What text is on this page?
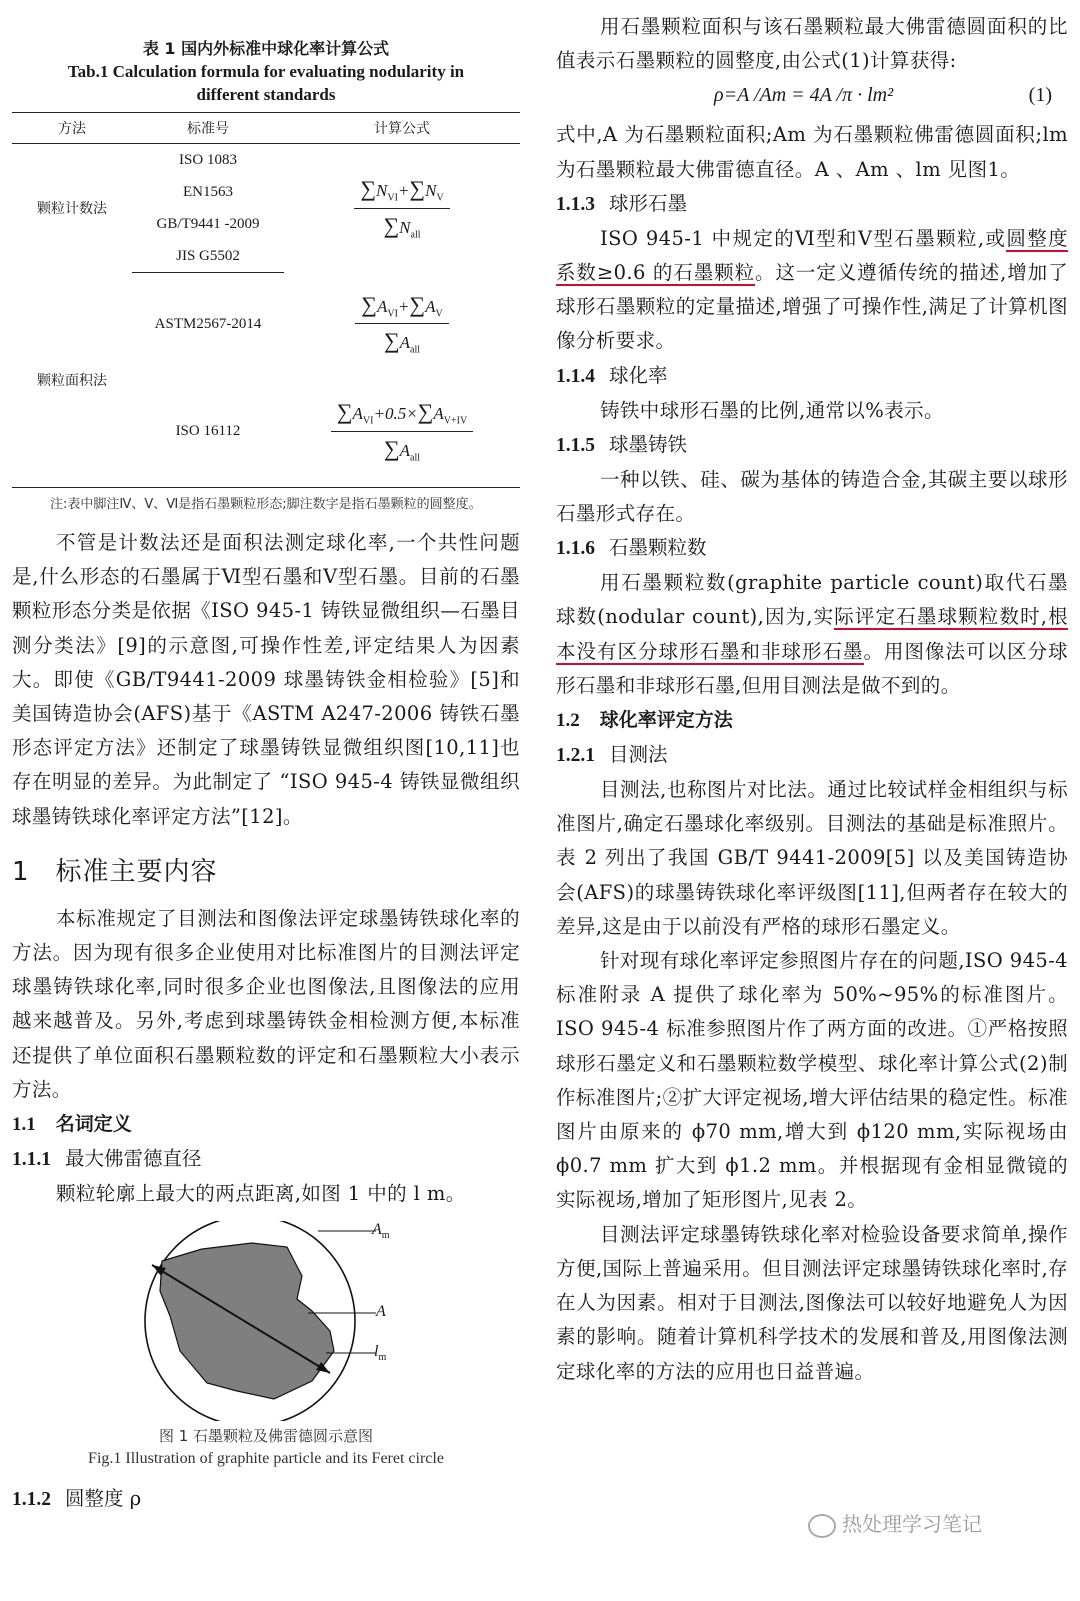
表 1 国内外标准中球化率计算公式
Tab.1 Calculation formula for evaluating nodularity in different standards
方法	标准号	计算公式
颗粒计数法	ISO 1083	$\frac{\sum N_{VI}+\sum N_V}{\sum N_{all}}$

	EN1563	
	GB/T9441 -2009	
	JIS G5502	
颗粒面积法	ASTM2567-2014	$\frac{\sum A_{VI}+\sum A_V}{\sum A_{all}}$

	ISO 16112	$\frac{\sum A_{VI}+0.5\times\sum A_{V+IV}}{\sum A_{all}}$
注:表中脚注Ⅳ、Ⅴ、Ⅵ是指石墨颗粒形态;脚注数字是指石墨颗粒的圆整度。

不管是计数法还是面积法测定球化率,一个共性问题是,什么形态的石墨属于Ⅵ型石墨和Ⅴ型石墨。目前的石墨颗粒形态分类是依据《ISO 945-1 铸铁显微组织—石墨目测分类法》[9]的示意图,可操作性差,评定结果人为因素大。即使《GB/T9441-2009 球墨铸铁金相检验》[5]和美国铸造协会(AFS)基于《ASTM A247-2006 铸铁石墨形态评定方法》还制定了球墨铸铁显微组织图[10,11]也存在明显的差异。为此制定了 “ISO 945-4 铸铁显微组织 球墨铸铁球化率评定方法”[12]。

1 标准主要内容

本标准规定了目测法和图像法评定球墨铸铁球化率的方法。因为现有很多企业使用对比标准图片的目测法评定球墨铸铁球化率,同时很多企业也图像法,且图像法的应用越来越普及。另外,考虑到球墨铸铁金相检测方便,本标准还提供了单位面积石墨颗粒数的评定和石墨颗粒大小表示方法。

1.1 名词定义
1.1.1 最大佛雷德直径

颗粒轮廓上最大的两点距离,如图 1 中的 l m。

$A_m$
A
$l_m$
图 1 石墨颗粒及佛雷德圆示意图
Fig.1 Illustration of graphite particle and its Feret circle
1.1.2 圆整度 ρ

用石墨颗粒面积与该石墨颗粒最大佛雷德圆面积的比值表示石墨颗粒的圆整度,由公式(1)计算获得:

ρ=A /Am = 4A /π · lm²	(1)

式中,A 为石墨颗粒面积;Am 为石墨颗粒佛雷德圆面积;lm 为石墨颗粒最大佛雷德直径。A 、Am 、lm 见图1。

1.1.3 球形石墨

ISO 945-1 中规定的Ⅵ型和Ⅴ型石墨颗粒,或圆整度系数≥0.6 的石墨颗粒。这一定义遵循传统的描述,增加了球形石墨颗粒的定量描述,增强了可操作性,满足了计算机图像分析要求。

1.1.4 球化率

铸铁中球形石墨的比例,通常以%表示。

1.1.5 球墨铸铁

一种以铁、硅、碳为基体的铸造合金,其碳主要以球形石墨形式存在。

1.1.6 石墨颗粒数

用石墨颗粒数(graphite particle count)取代石墨球数(nodular count),因为,实际评定石墨球颗粒数时,根本没有区分球形石墨和非球形石墨。用图像法可以区分球形石墨和非球形石墨,但用目测法是做不到的。

1.2 球化率评定方法
1.2.1 目测法

目测法,也称图片对比法。通过比较试样金相组织与标准图片,确定石墨球化率级别。目测法的基础是标准照片。表 2 列出了我国 GB/T 9441-2009[5] 以及美国铸造协会(AFS)的球墨铸铁球化率评级图[11],但两者存在较大的差异,这是由于以前没有严格的球形石墨定义。

针对现有球化率评定参照图片存在的问题,ISO 945-4 标准附录 A 提供了球化率为 50%~95%的标准图片。ISO 945-4 标准参照图片作了两方面的改进。①严格按照球形石墨定义和石墨颗粒数学模型、球化率计算公式(2)制作标准图片;②扩大评定视场,增大评估结果的稳定性。标准图片由原来的 ϕ70 mm,增大到 ϕ120 mm,实际视场由 ϕ0.7 mm 扩大到 ϕ1.2 mm。并根据现有金相显微镜的实际视场,增加了矩形图片,见表 2。

目测法评定球墨铸铁球化率对检验设备要求简单,操作方便,国际上普遍采用。但目测法评定球墨铸铁球化率时,存在人为因素。相对于目测法,图像法可以较好地避免人为因素的影响。随着计算机科学技术的发展和普及,用图像法测定球化率的方法的应用也日益普遍。

热处理学习笔记
